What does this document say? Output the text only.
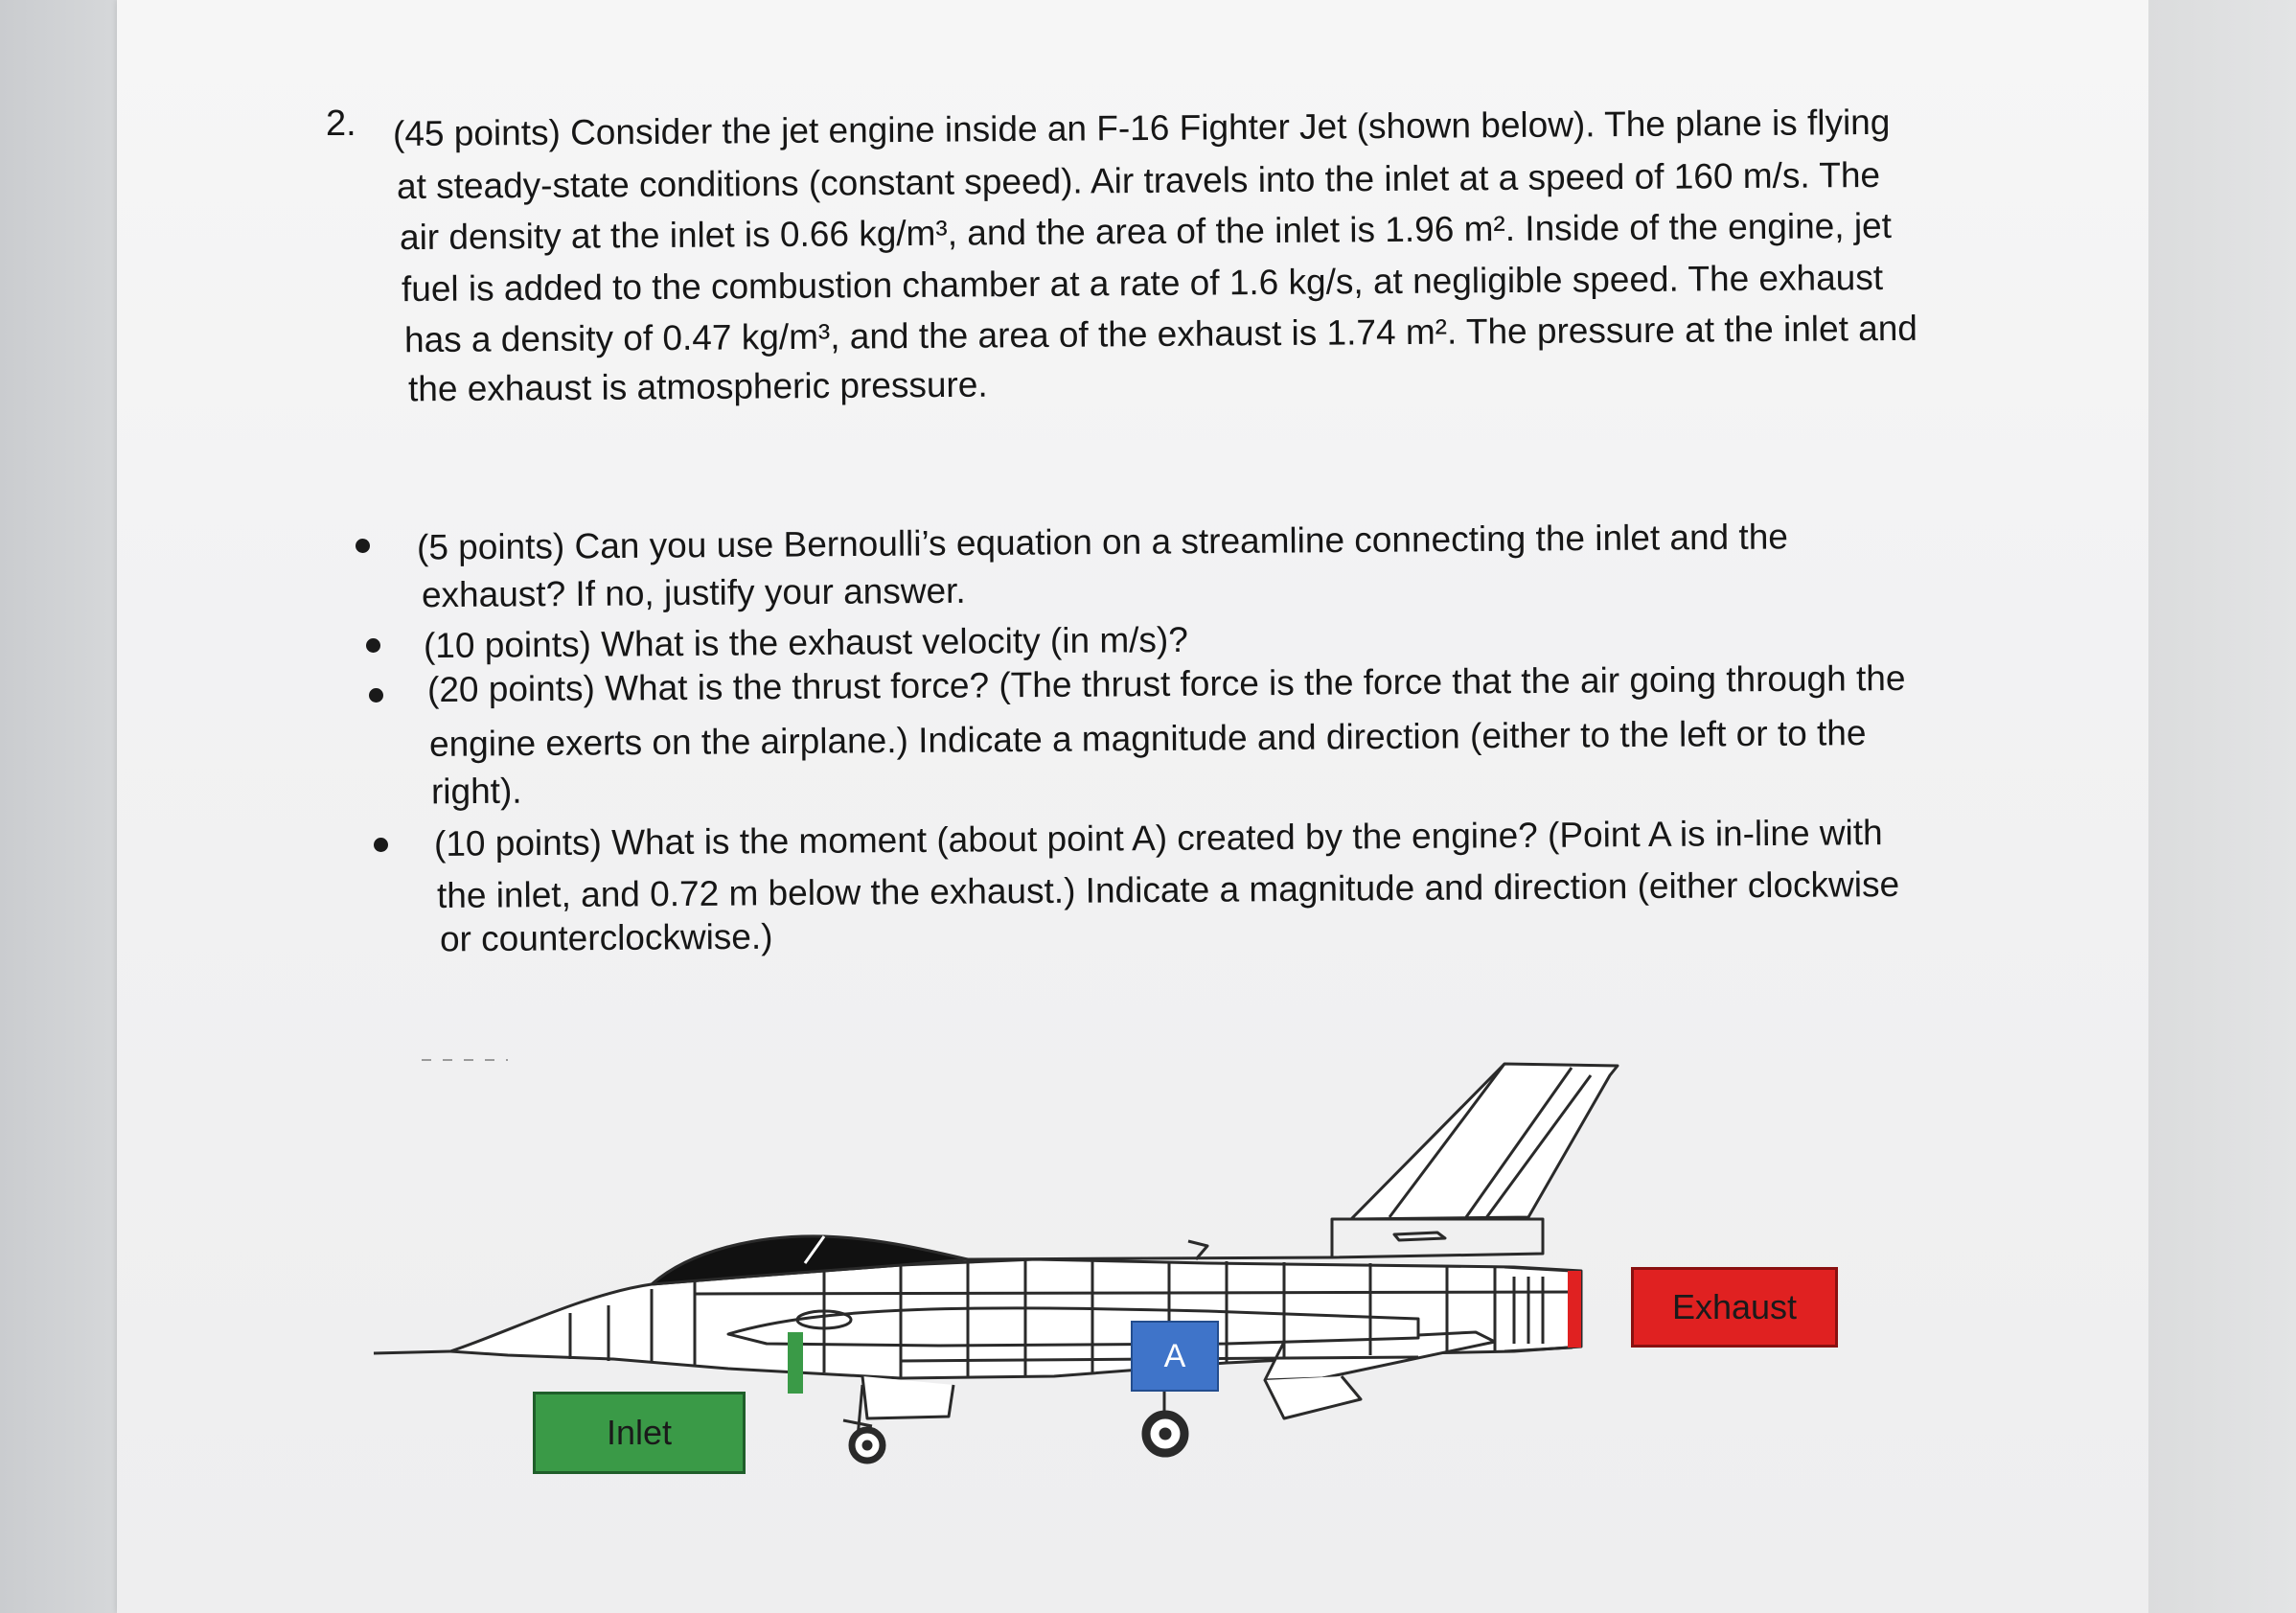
2. (45 points) Consider the jet engine inside an F-16 Fighter Jet (shown below). The plane is flying
at steady-state conditions (constant speed). Air travels into the inlet at a speed of 160 m/s. The
air density at the inlet is 0.66 kg/m³, and the area of the inlet is 1.96 m². Inside of the engine, jet
fuel is added to the combustion chamber at a rate of 1.6 kg/s, at negligible speed. The exhaust
has a density of 0.47 kg/m³, and the area of the exhaust is 1.74 m². The pressure at the inlet and
the exhaust is atmospheric pressure.
(5 points) Can you use Bernoulli’s equation on a streamline connecting the inlet and the
exhaust? If no, justify your answer.
(10 points) What is the exhaust velocity (in m/s)?
(20 points) What is the thrust force? (The thrust force is the force that the air going through the
engine exerts on the airplane.) Indicate a magnitude and direction (either to the left or to the
right).
(10 points) What is the moment (about point A) created by the engine? (Point A is in-line with
the inlet, and 0.72 m below the exhaust.) Indicate a magnitude and direction (either clockwise
or counterclockwise.)
Inlet
Exhaust
A
